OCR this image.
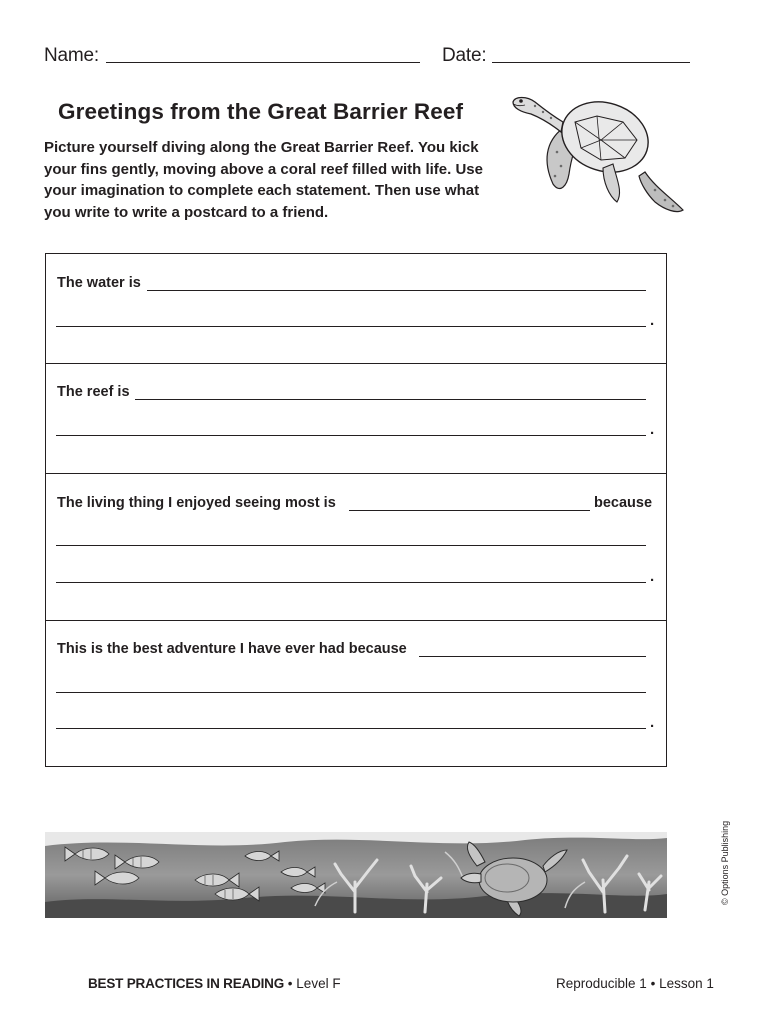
Name:	Date:
Greetings from the Great Barrier Reef
Picture yourself diving along the Great Barrier Reef. You kick
your fins gently, moving above a coral reef filled with life. Use
your imagination to complete each statement. Then use what
you write to write a postcard to a friend.
The water is
.
The reef is
.
The living thing I enjoyed seeing most is	because
.
This is the best adventure I have ever had because
.
© Options Publishing
BEST PRACTICES IN READING • Level F	Reproducible 1 • Lesson 1
